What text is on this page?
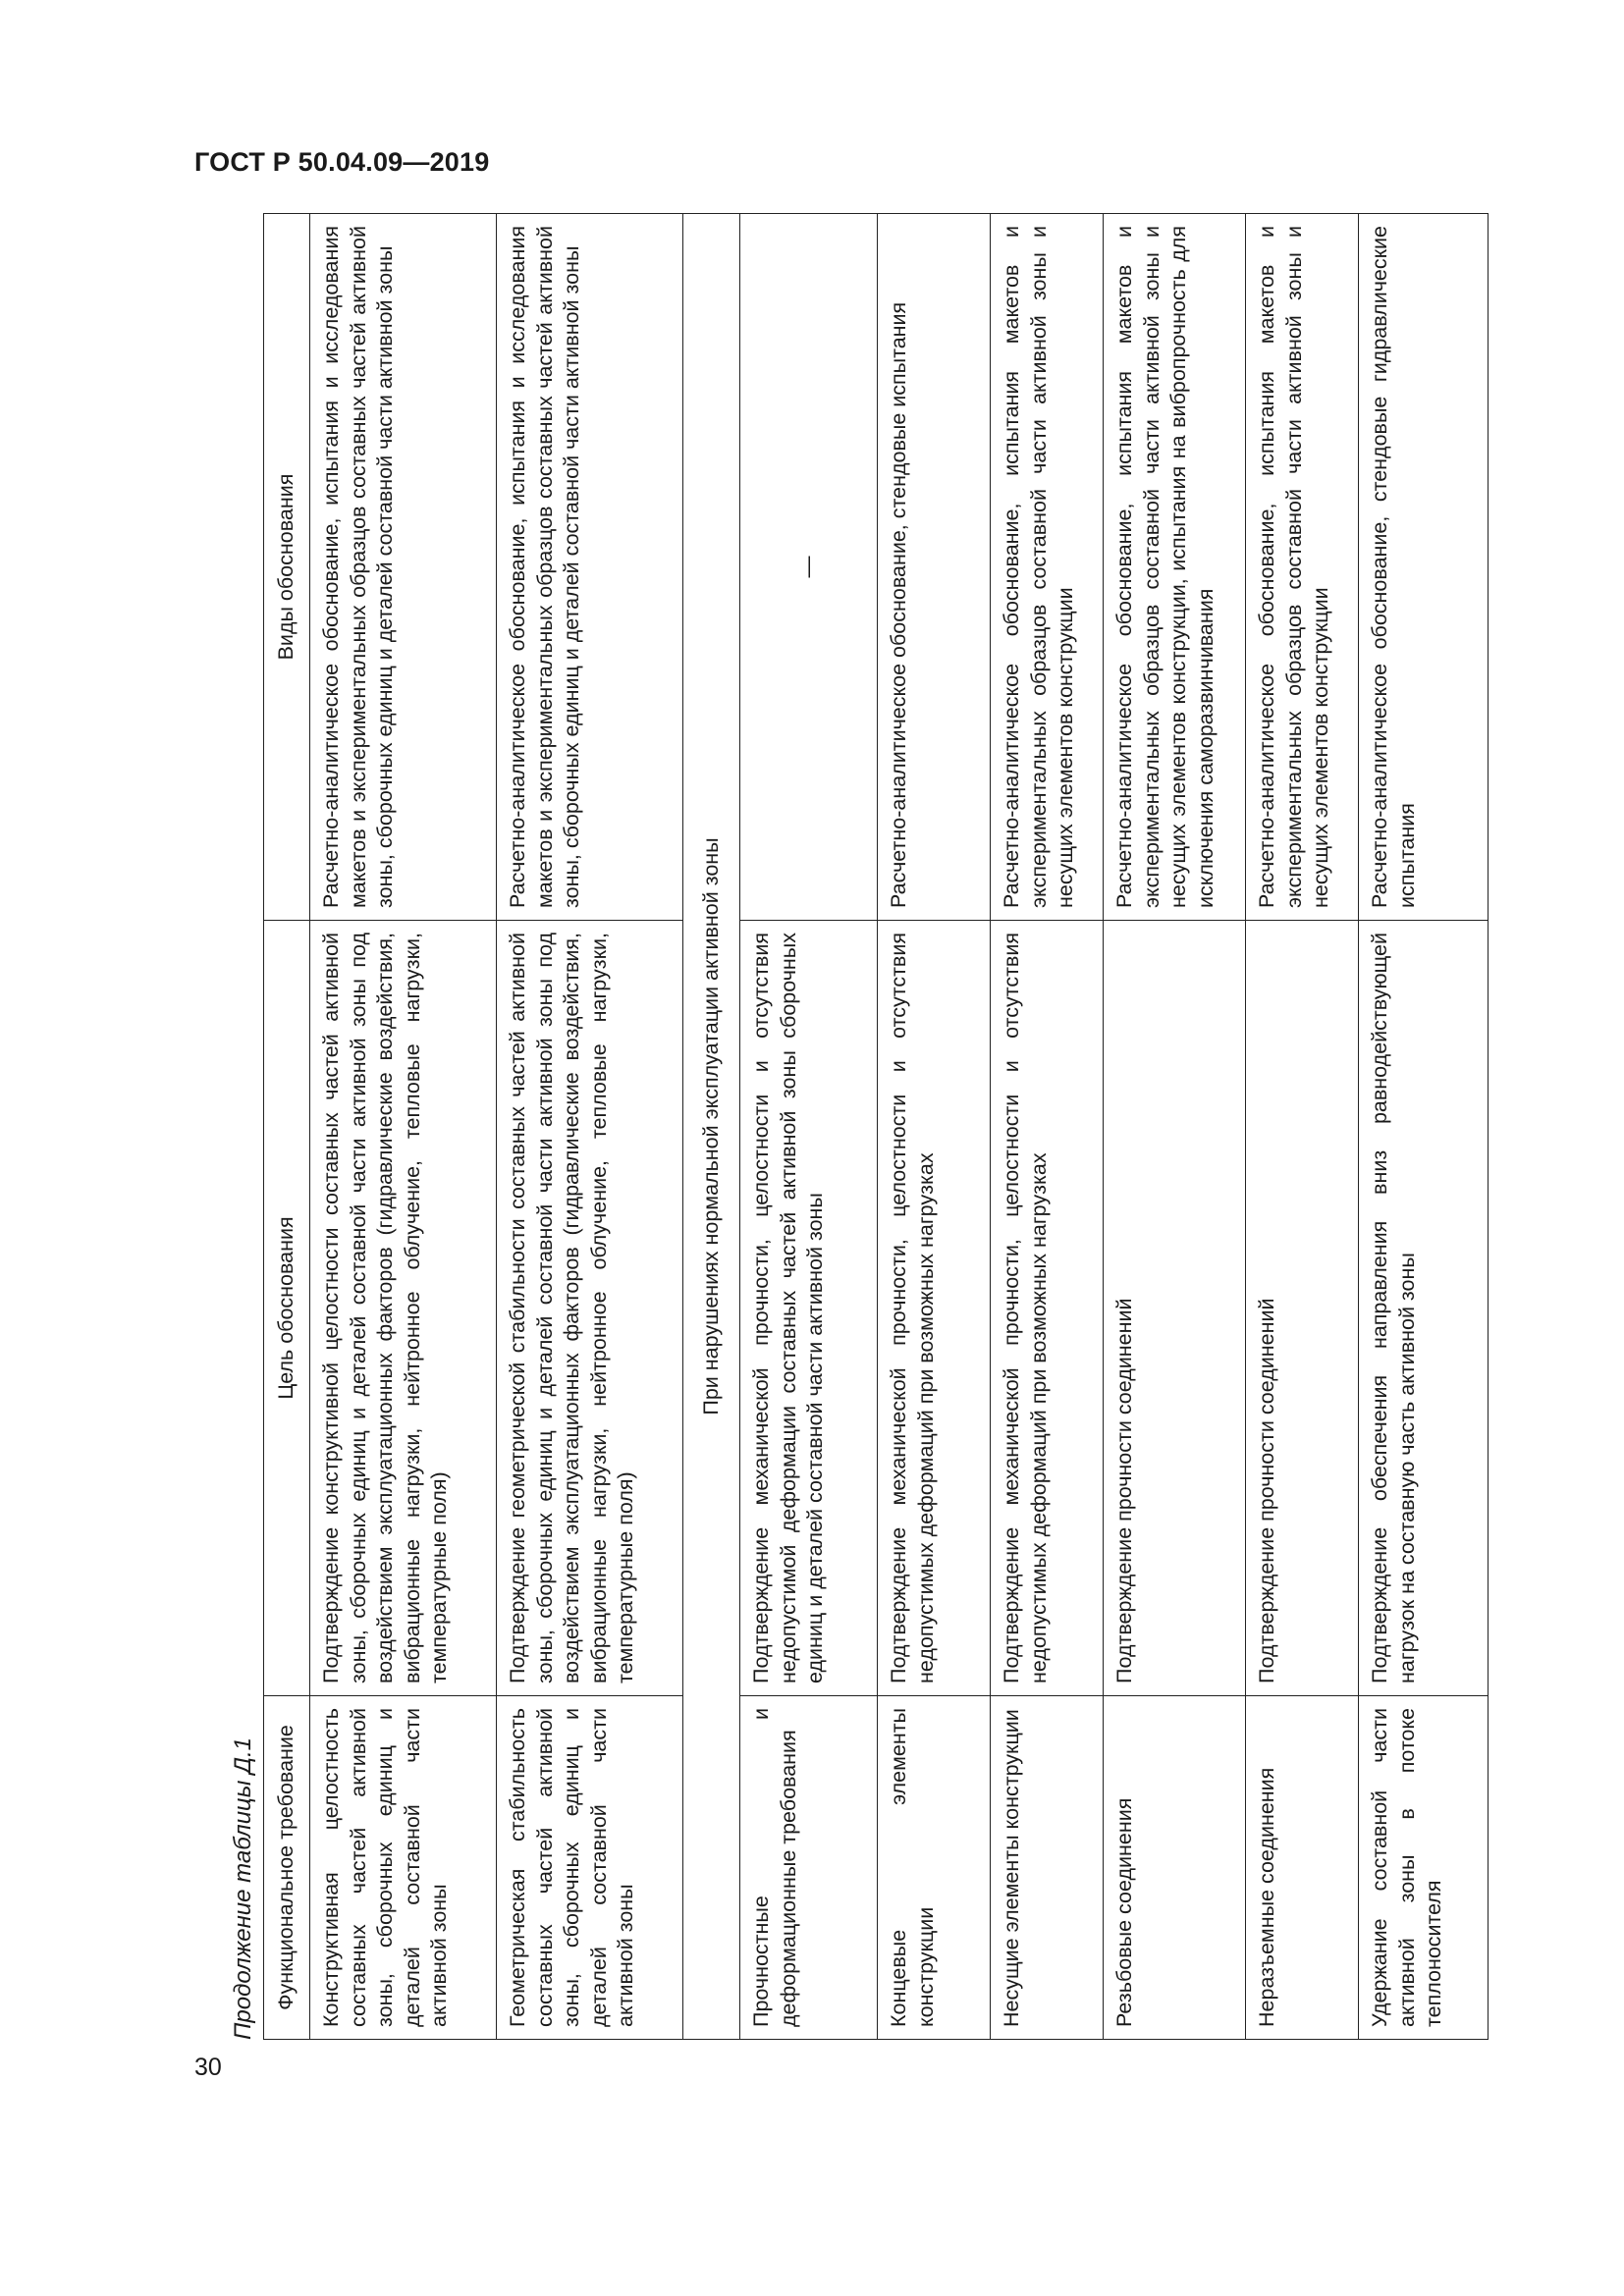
ГОСТ Р 50.04.09—2019
30
Продолжение таблицы Д.1 Функциональное требование	Цель обоснования	Виды обоснования
Конструктивная целостность составных частей активной зоны, сборочных единиц и деталей составной части активной зоны	Подтверждение конструктивной целостности составных частей активной зоны, сборочных единиц и деталей составной части активной зоны под воздействием эксплуатационных факторов (гидравлические воздействия, вибрационные нагрузки, нейтронное облучение, тепловые нагрузки, температурные поля)	Расчетно-аналитическое обоснование, испытания и исследования макетов и экспериментальных образцов составных частей активной зоны, сборочных единиц и деталей составной части активной зоны
Геометрическая стабильность составных частей активной зоны, сборочных единиц и деталей составной части активной зоны	Подтверждение геометрической стабильности составных частей активной зоны, сборочных единиц и деталей составной части активной зоны под воздействием эксплуатационных факторов (гидравлические воздействия, вибрационные нагрузки, нейтронное облучение, тепловые нагрузки, температурные поля)	Расчетно-аналитическое обоснование, испытания и исследования макетов и экспериментальных образцов составных частей активной зоны, сборочных единиц и деталей составной части активной зоны
При нарушениях нормальной эксплуатации активной зоны		
Прочностные и деформационные требования	Подтверждение механической прочности, целостности и отсутствия недопустимой деформации составных частей активной зоны сборочных единиц и деталей составной части активной зоны	—
Концевые элементы конструкции	Подтверждение механической прочности, целостности и отсутствия недопустимых деформаций при возможных нагрузках	Расчетно-аналитическое обоснование, стендовые испытания
Несущие элементы конструкции	Подтверждение механической прочности, целостности и отсутствия недопустимых деформаций при возможных нагрузках	Расчетно-аналитическое обоснование, испытания макетов и экспериментальных образцов составной части активной зоны и несущих элементов конструкции
Резьбовые соединения	Подтверждение прочности соединений	Расчетно-аналитическое обоснование, испытания макетов и экспериментальных образцов составной части активной зоны и несущих элементов конструкции, испытания на вибропрочность для исключения саморазвинчивания
Неразъемные соединения	Подтверждение прочности соединений	Расчетно-аналитическое обоснование, испытания макетов и экспериментальных образцов составной части активной зоны и несущих элементов конструкции
Удержание составной части активной зоны в потоке теплоносителя	Подтверждение обеспечения направления вниз равнодействующей нагрузок на составную часть активной зоны	Расчетно-аналитическое обоснование, стендовые гидравлические испытания
